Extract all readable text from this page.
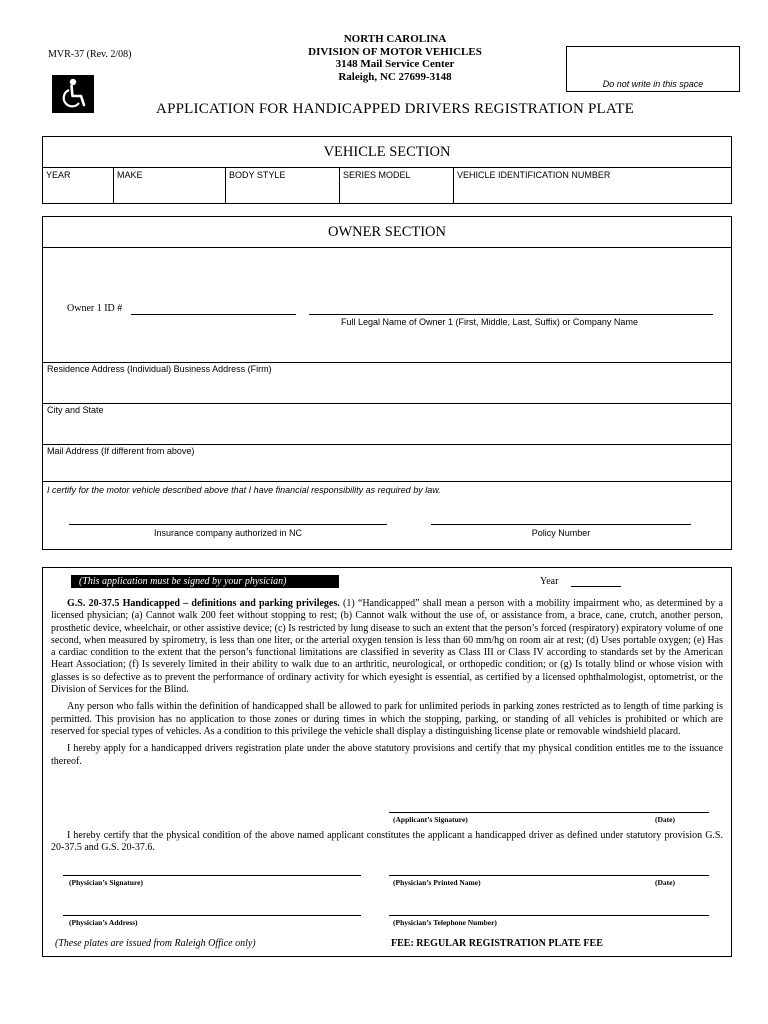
MVR-37 (Rev. 2/08)
NORTH CAROLINA
DIVISION OF MOTOR VEHICLES
3148 Mail Service Center
Raleigh, NC 27699-3148
Do not write in this space
APPLICATION FOR HANDICAPPED DRIVERS REGISTRATION PLATE
VEHICLE SECTION
YEAR	MAKE	BODY STYLE	SERIES MODEL	VEHICLE IDENTIFICATION NUMBER
OWNER SECTION
Owner 1 ID #
Full Legal Name of Owner 1 (First, Middle, Last, Suffix) or Company Name
Residence Address (Individual) Business Address (Firm)
City and State
Mail Address (If different from above)
I certify for the motor vehicle described above that I have financial responsibility as required by law.
Insurance company authorized in NC	Policy Number
(This application must be signed by your physician)	Year

G.S. 20-37.5 Handicapped – definitions and parking privileges. (1) “Handicapped” shall mean a person with a mobility impairment who, as determined by a licensed physician; (a) Cannot walk 200 feet without stopping to rest; (b) Cannot walk without the use of, or assistance from, a brace, cane, crutch, another person, prosthetic device, wheelchair, or other assistive device; (c) Is restricted by lung disease to such an extent that the person’s forced (respiratory) expiratory volume of one second, when measured by spirometry, is less than one liter, or the arterial oxygen tension is less than 60 mm/hg on room air at rest; (d) Uses portable oxygen; (e) Has a cardiac condition to the extent that the person’s functional limitations are classified in severity as Class III or Class IV according to standards set by the American Heart Association; (f) Is severely limited in their ability to walk due to an arthritic, neurological, or orthopedic condition; or (g) Is totally blind or whose vision with glasses is so defective as to prevent the performance of ordinary activity for which eyesight is essential, as certified by a licensed ophthalmologist, optometrist, or the Division of Services for the Blind.

Any person who falls within the definition of handicapped shall be allowed to park for unlimited periods in parking zones restricted as to length of time parking is permitted. This provision has no application to those zones or during times in which the stopping, parking, or standing of all vehicles is prohibited or which are reserved for special types of vehicles. As a condition to this privilege the vehicle shall display a distinguishing license plate or removable windshield placard.

I hereby apply for a handicapped drivers registration plate under the above statutory provisions and certify that my physical condition entitles me to the issuance thereof.

(Applicant’s Signature)	(Date)
I hereby certify that the physical condition of the above named applicant constitutes the applicant a handicapped driver as defined under statutory provision G.S. 20-37.5 and G.S. 20-37.6.
(Physician’s Signature)	(Physician’s Printed Name)	(Date)
(Physician’s Address)	(Physician’s Telephone Number)
(These plates are issued from Raleigh Office only)	FEE: REGULAR REGISTRATION PLATE FEE
